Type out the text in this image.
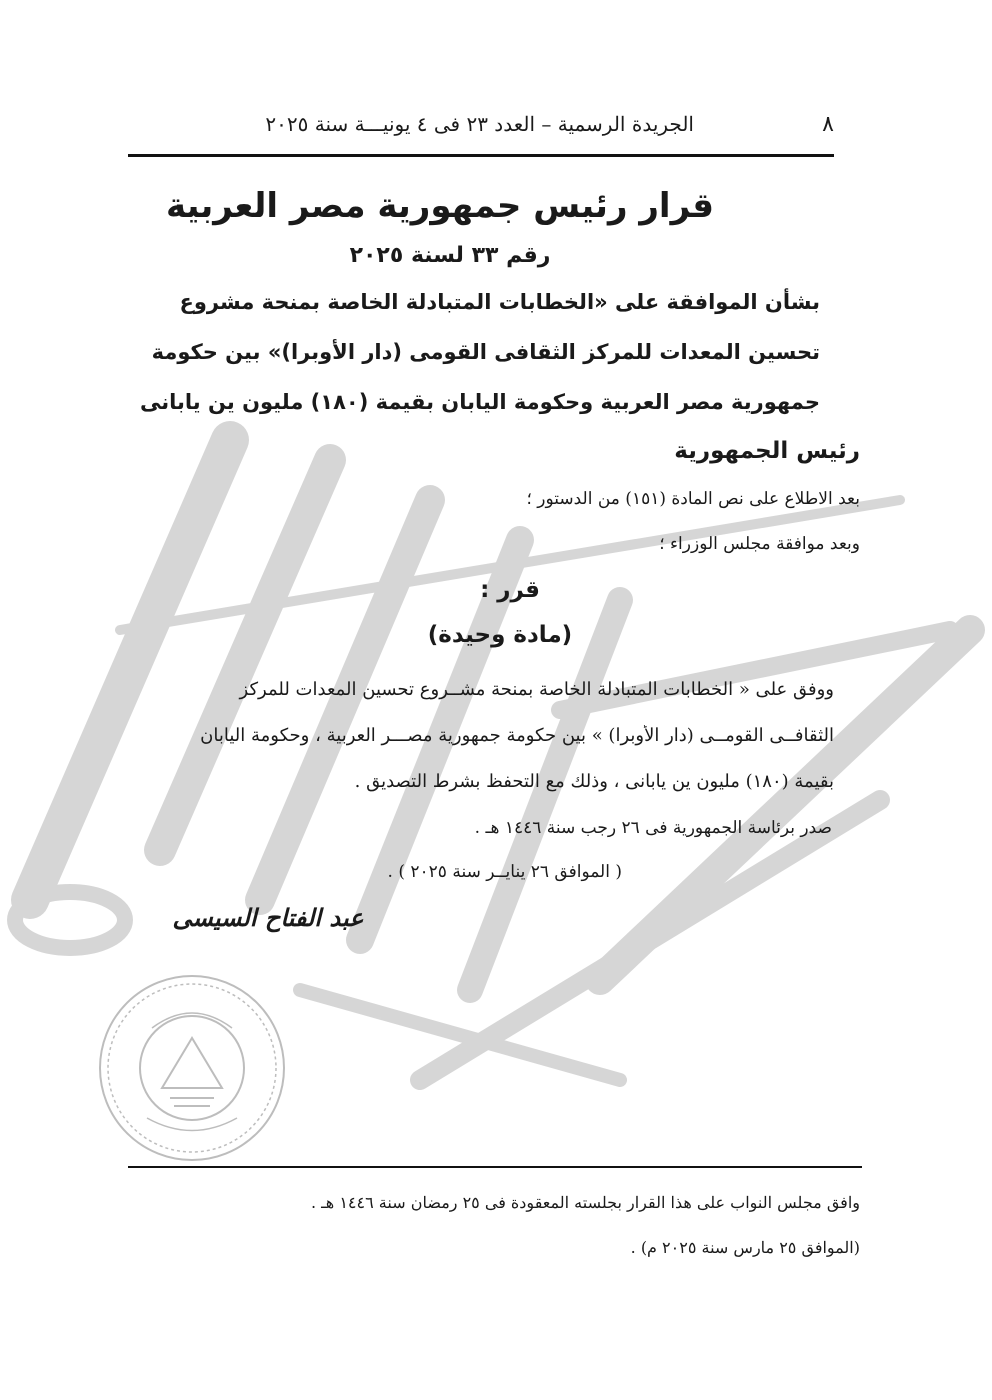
٨
الجريدة الرسمية – العدد ٢٣ فى ٤ يونيـــة سنة ٢٠٢٥
قرار رئيس جمهورية مصر العربية
رقم ٣٣ لسنة ٢٠٢٥
بشأن الموافقة على «الخطابات المتبادلة الخاصة بمنحة مشروع
تحسين المعدات للمركز الثقافى القومى (دار الأوبرا)» بين حكومة
جمهورية مصر العربية وحكومة اليابان بقيمة (١٨٠) مليون ين يابانى
رئيس الجمهورية
بعد الاطلاع على نص المادة (١٥١) من الدستور ؛
وبعد موافقة مجلس الوزراء ؛
قرر :
(مادة وحيدة)
ووفق على « الخطابات المتبادلة الخاصة بمنحة مشــروع تحسين المعدات للمركز
الثقافــى القومــى (دار الأوبرا) » بين حكومة جمهورية مصـــر العربية ، وحكومة اليابان
بقيمة (١٨٠) مليون ين يابانى ، وذلك مع التحفظ بشرط التصديق .
صدر برئاسة الجمهورية فى ٢٦ رجب سنة ١٤٤٦ هـ .
( الموافق ٢٦ ينايــر سنة ٢٠٢٥ ) .
عبد الفتاح السيسى
وافق مجلس النواب على هذا القرار بجلسته المعقودة فى ٢٥ رمضان سنة ١٤٤٦ هـ .
(الموافق ٢٥ مارس سنة ٢٠٢٥ م) .
